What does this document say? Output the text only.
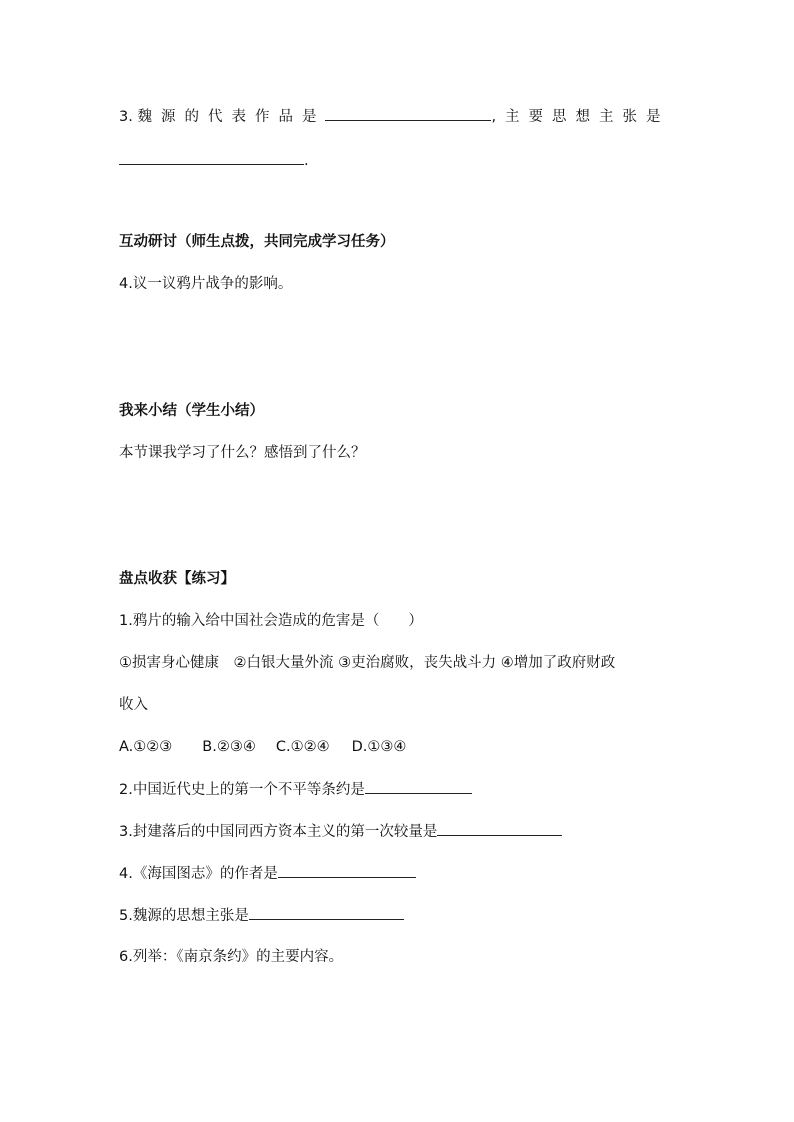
3. 魏源的代表作品是	,主要思想主张是
.
互动研讨（师生点拨，共同完成学习任务）
4.议一议鸦片战争的影响。
我来小结（学生小结）
本节课我学习了什么？感悟到了什么？
盘点收获【练习】
1.鸦片的输入给中国社会造成的危害是（　　）
①损害身心健康　②白银大量外流 ③吏治腐败，丧失战斗力 ④增加了政府财政
收入
A.①②③ B.②③④ C.①②④ D.①③④
2.中国近代史上的第一个不平等条约是
3.封建落后的中国同西方资本主义的第一次较量是
4.《海国图志》的作者是
5.魏源的思想主张是
6.列举：《南京条约》的主要内容。
